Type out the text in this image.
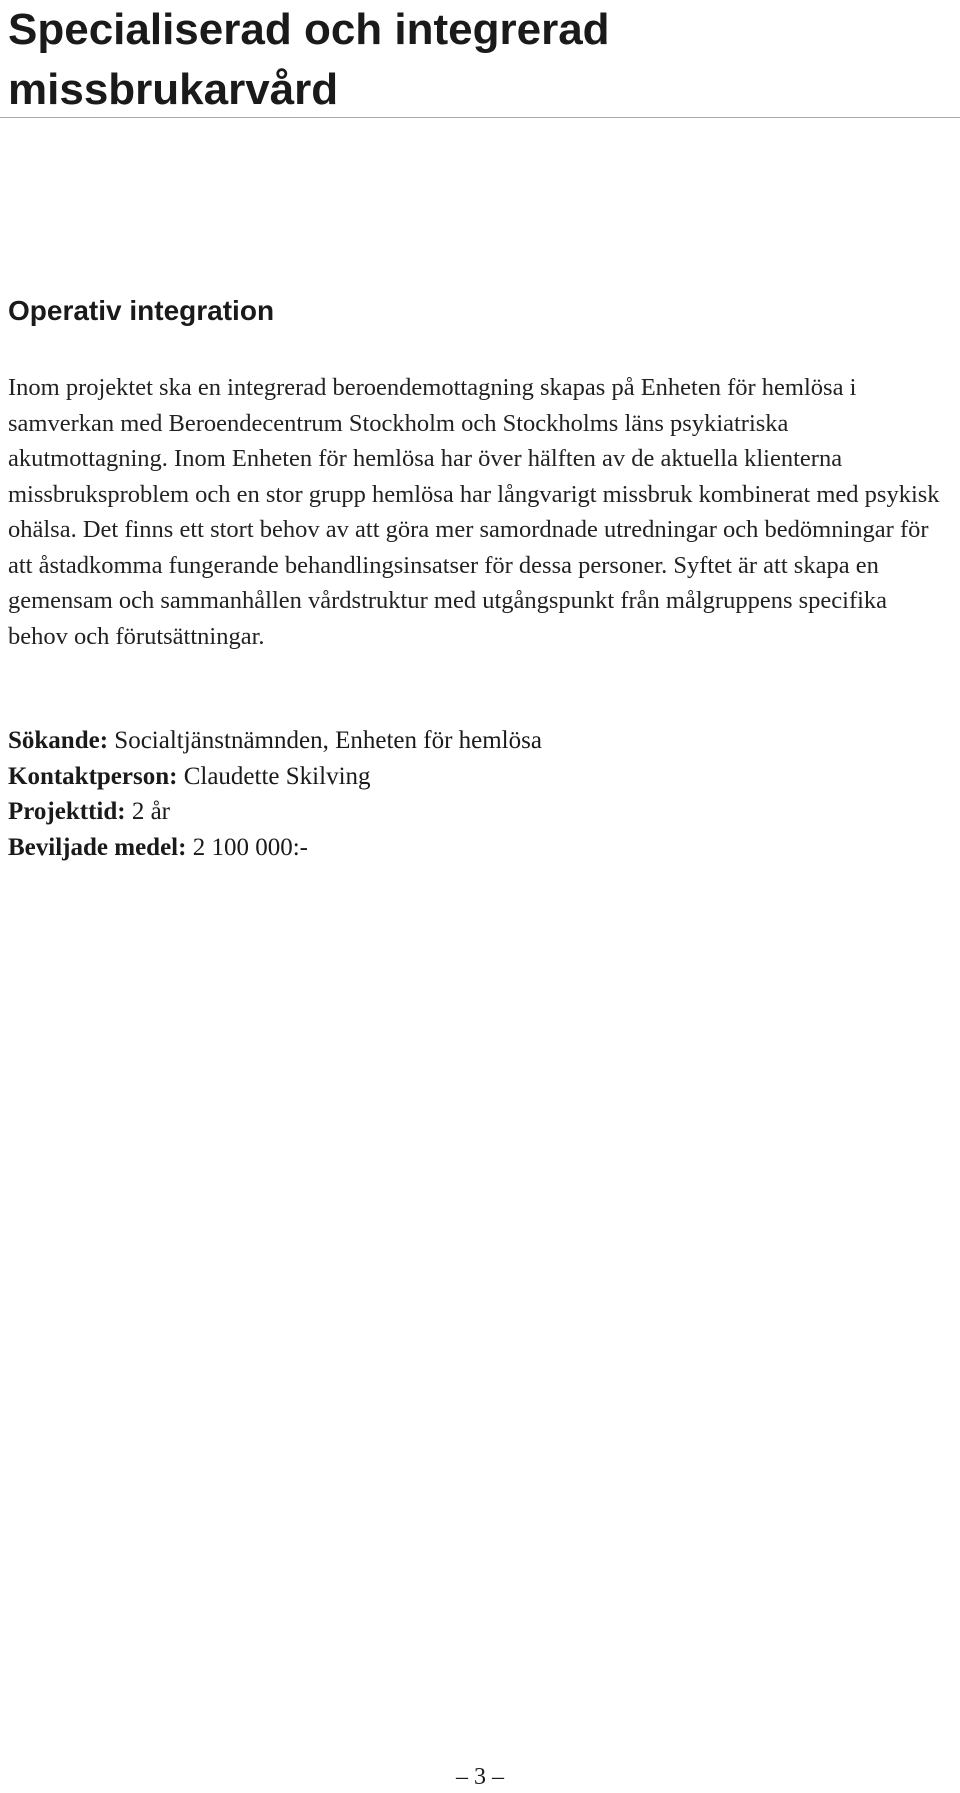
Specialiserad och integrerad missbrukarvård
Operativ integration

Inom projektet ska en integrerad beroendemottagning skapas på Enheten för hemlösa i samverkan med Beroendecentrum Stockholm och Stockholms läns psykiatriska akutmottagning. Inom Enheten för hemlösa har över hälften av de aktuella klienterna missbruksproblem och en stor grupp hemlösa har långvarigt missbruk kombinerat med psykisk ohälsa. Det finns ett stort behov av att göra mer samordnade utredningar och bedömningar för att åstadkomma fungerande behandlingsinsatser för dessa personer. Syftet är att skapa en gemensam och sammanhållen vårdstruktur med utgångspunkt från målgruppens specifika behov och förutsättningar.

Sökande: Socialtjänstnämnden, Enheten för hemlösa
Kontaktperson: Claudette Skilving
Projekttid: 2 år
Beviljade medel: 2 100 000:-
– 3 –
